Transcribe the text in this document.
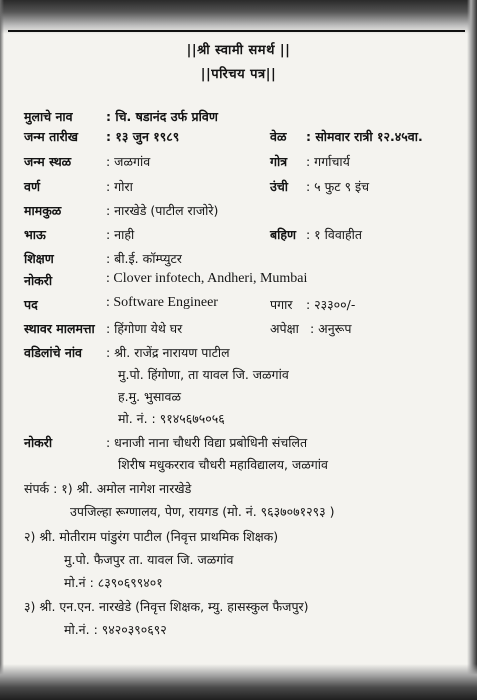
||श्री स्वामी समर्थ ||
||परिचय पत्र||
मुलाचे नाव	: चि. षडानंद उर्फ प्रविण
जन्म तारीख : १३ जुन १९८९	वेळ : सोमवार रात्री १२.४५वा.
जन्म स्थळ	: जळगांव	गोत्र : गर्गाचार्य
वर्ण	: गोरा	उंची : ५ फुट ९ इंच
मामकुळ	: नारखेडे (पाटील राजोरे)
भाऊ	: नाही	बहिण : १ विवाहीत
शिक्षण	: बी.ई. कॉम्प्युटर
नोकरी	: Clover infotech, Andheri, Mumbai
पद	: Software Engineer	पगार : २३३००/-
स्थावर मालमत्ता : हिंगोणा येथे घर	अपेक्षा : अनुरूप
वडिलांचे नांव : श्री. राजेंद्र नारायण पाटील
मु.पो. हिंगोणा, ता यावल जि. जळगांव
ह.मु. भुसावळ
मो. नं. : ९१४५६७५०५६
नोकरी	: धनाजी नाना चौधरी विद्या प्रबोधिनी संचलित
शिरीष मधुकरराव चौधरी महाविद्यालय, जळगांव
संपर्क : १) श्री. अमोल नागेश नारखेडे
उपजिल्हा रूग्णालय, पेण, रायगड (मो. नं. ९६३७०७१२९३ )
२) श्री. मोतीराम पांडुरंग पाटील (निवृत्त प्राथमिक शिक्षक)
मु.पो. फैजपुर ता. यावल जि. जळगांव
मो.नं : ८३९०६९९४०१
३) श्री. एन.एन. नारखेडे (निवृत्त शिक्षक, म्यु. हासस्कुल फैजपुर)
मो.नं. : ९४२०३९०६९२
